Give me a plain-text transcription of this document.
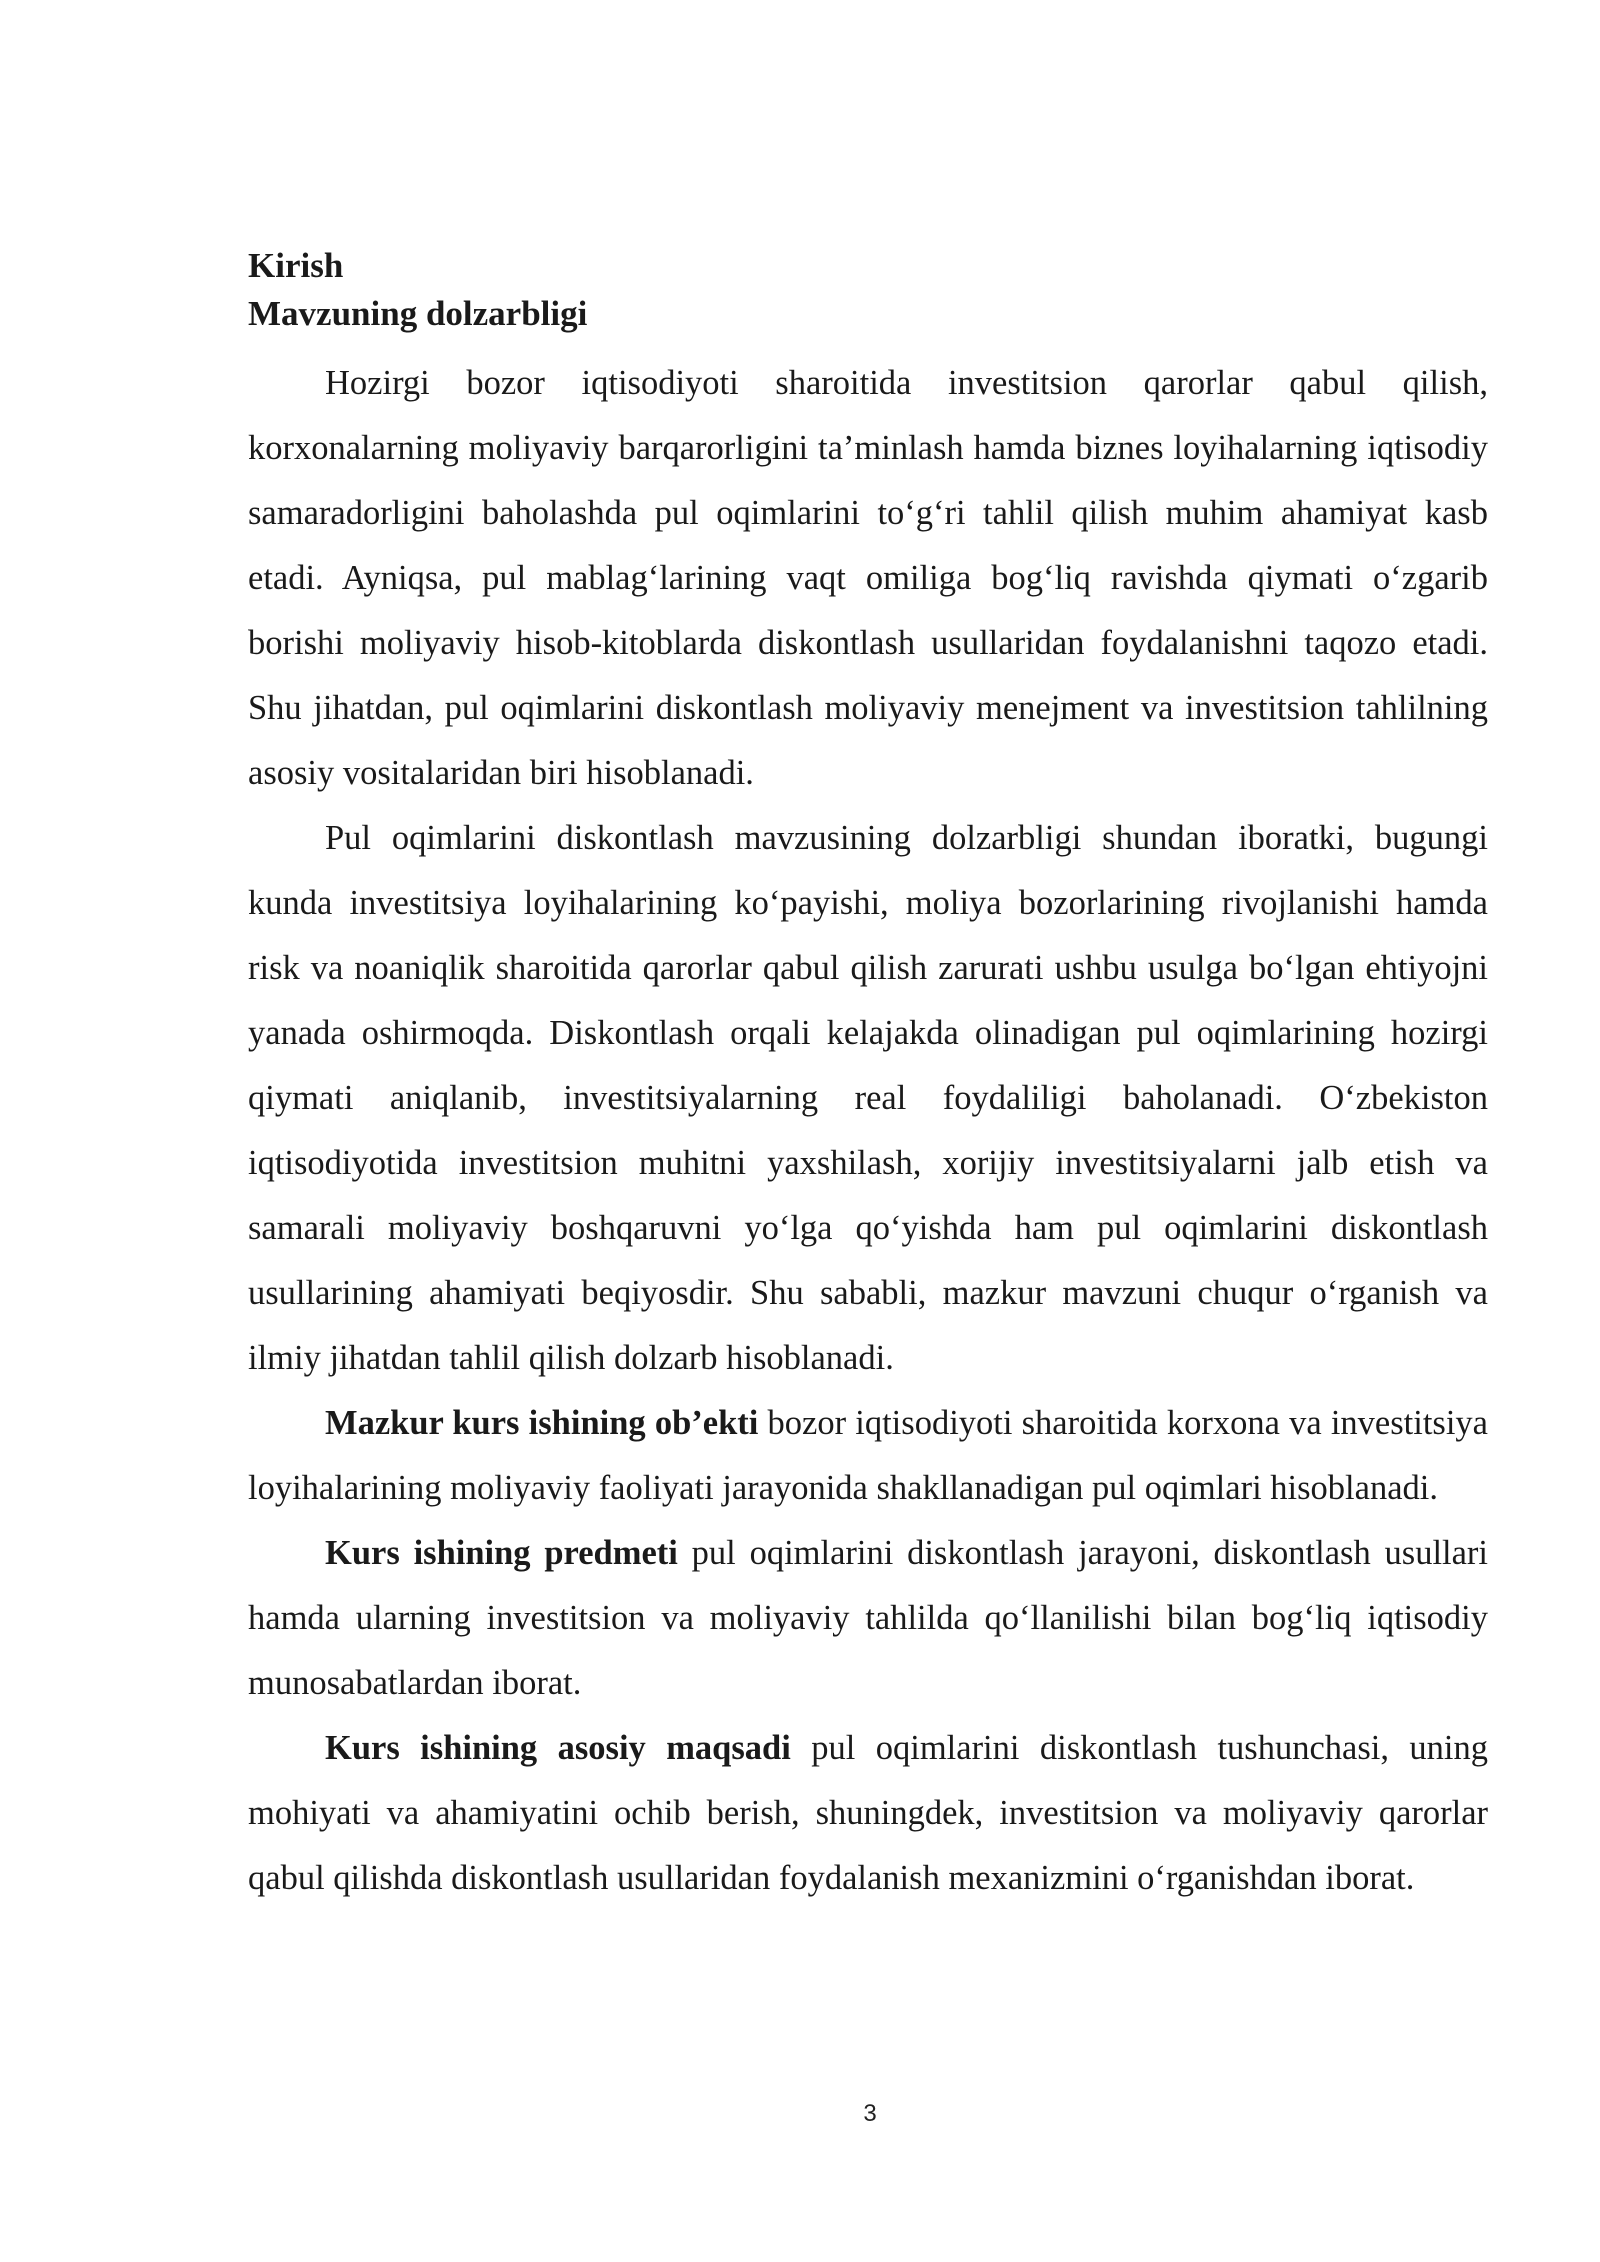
Kirish

Mavzuning dolzarbligi

Hozirgi bozor iqtisodiyoti sharoitida investitsion qarorlar qabul qilish, korxonalarning moliyaviy barqarorligini ta’minlash hamda biznes loyihalarning iqtisodiy samaradorligini baholashda pul oqimlarini to‘g‘ri tahlil qilish muhim ahamiyat kasb etadi. Ayniqsa, pul mablag‘larining vaqt omiliga bog‘liq ravishda qiymati o‘zgarib borishi moliyaviy hisob-kitoblarda diskontlash usullaridan foydalanishni taqozo etadi. Shu jihatdan, pul oqimlarini diskontlash moliyaviy menejment va investitsion tahlilning asosiy vositalaridan biri hisoblanadi.

Pul oqimlarini diskontlash mavzusining dolzarbligi shundan iboratki, bugungi kunda investitsiya loyihalarining ko‘payishi, moliya bozorlarining rivojlanishi hamda risk va noaniqlik sharoitida qarorlar qabul qilish zarurati ushbu usulga bo‘lgan ehtiyojni yanada oshirmoqda. Diskontlash orqali kelajakda olinadigan pul oqimlarining hozirgi qiymati aniqlanib, investitsiyalarning real foydaliligi baholanadi. O‘zbekiston iqtisodiyotida investitsion muhitni yaxshilash, xorijiy investitsiyalarni jalb etish va samarali moliyaviy boshqaruvni yo‘lga qo‘yishda ham pul oqimlarini diskontlash usullarining ahamiyati beqiyosdir. Shu sababli, mazkur mavzuni chuqur o‘rganish va ilmiy jihatdan tahlil qilish dolzarb hisoblanadi.

Mazkur kurs ishining ob’ekti bozor iqtisodiyoti sharoitida korxona va investitsiya loyihalarining moliyaviy faoliyati jarayonida shakllanadigan pul oqimlari hisoblanadi.

Kurs ishining predmeti pul oqimlarini diskontlash jarayoni, diskontlash usullari hamda ularning investitsion va moliyaviy tahlilda qo‘llanilishi bilan bog‘liq iqtisodiy munosabatlardan iborat.

Kurs ishining asosiy maqsadi pul oqimlarini diskontlash tushunchasi, uning mohiyati va ahamiyatini ochib berish, shuningdek, investitsion va moliyaviy qarorlar qabul qilishda diskontlash usullaridan foydalanish mexanizmini o‘rganishdan iborat.

3
